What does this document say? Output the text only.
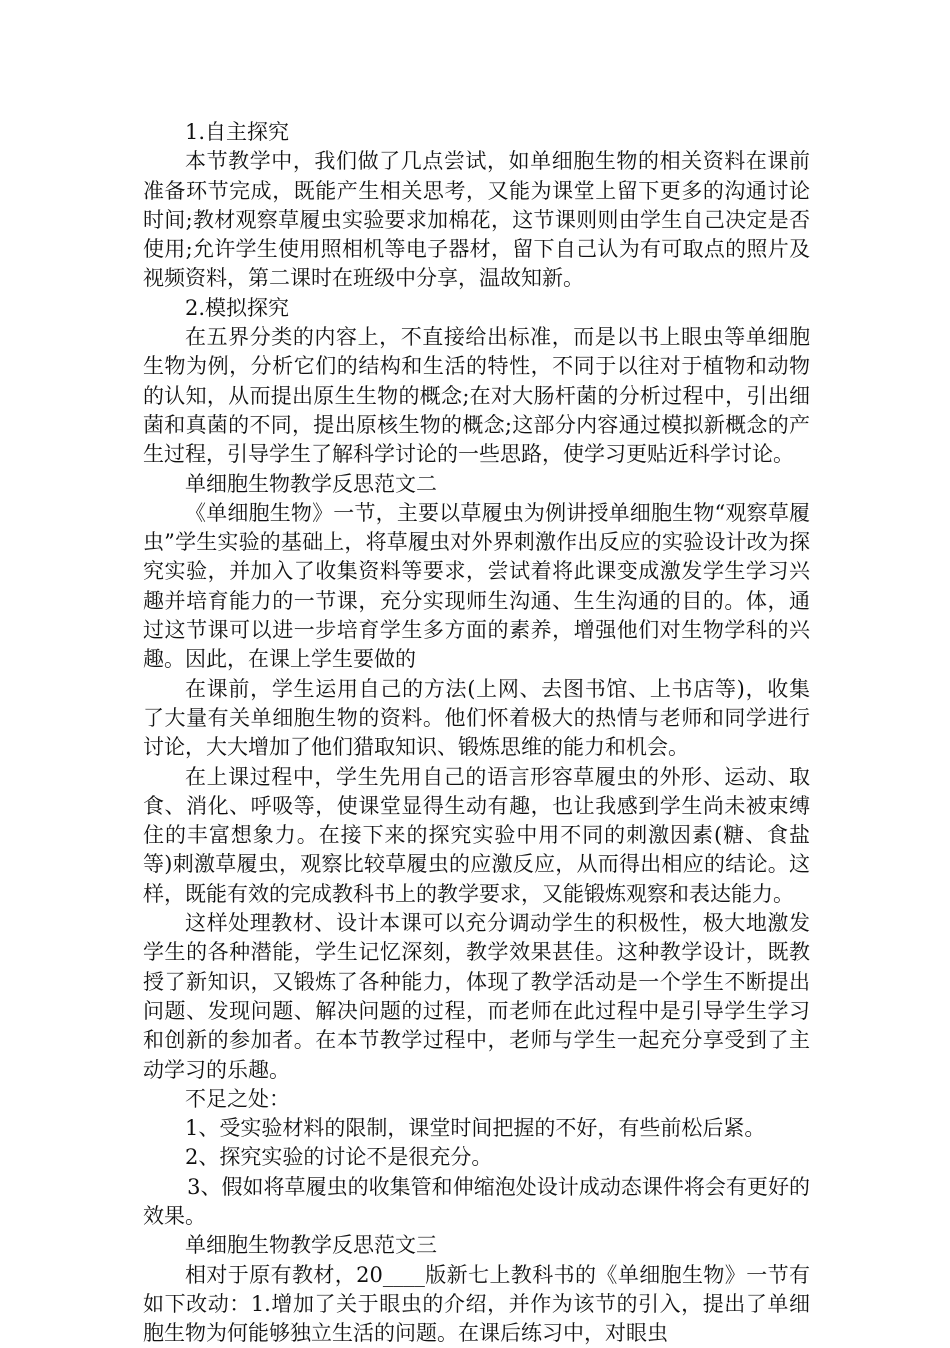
1.自主探究

本节教学中，我们做了几点尝试，如单细胞生物的相关资料在课前准备环节完成，既能产生相关思考，又能为课堂上留下更多的沟通讨论时间;教材观察草履虫实验要求加棉花，这节课则则由学生自己决定是否使用;允许学生使用照相机等电子器材，留下自己认为有可取点的照片及视频资料，第二课时在班级中分享，温故知新。

2.模拟探究

在五界分类的内容上，不直接给出标准，而是以书上眼虫等单细胞生物为例，分析它们的结构和生活的特性，不同于以往对于植物和动物的认知，从而提出原生生物的概念;在对大肠杆菌的分析过程中，引出细菌和真菌的不同，提出原核生物的概念;这部分内容通过模拟新概念的产生过程，引导学生了解科学讨论的一些思路，使学习更贴近科学讨论。

单细胞生物教学反思范文二

《单细胞生物》一节，主要以草履虫为例讲授单细胞生物“观察草履虫”学生实验的基础上，将草履虫对外界刺激作出反应的实验设计改为探究实验，并加入了收集资料等要求，尝试着将此课变成激发学生学习兴趣并培育能力的一节课，充分实现师生沟通、生生沟通的目的。体，通过这节课可以进一步培育学生多方面的素养，增强他们对生物学科的兴趣。因此，在课上学生要做的

在课前，学生运用自己的方法(上网、去图书馆、上书店等)，收集了大量有关单细胞生物的资料。他们怀着极大的热情与老师和同学进行讨论，大大增加了他们猎取知识、锻炼思维的能力和机会。

在上课过程中，学生先用自己的语言形容草履虫的外形、运动、取食、消化、呼吸等，使课堂显得生动有趣，也让我感到学生尚未被束缚住的丰富想象力。在接下来的探究实验中用不同的刺激因素(糖、食盐等)刺激草履虫，观察比较草履虫的应激反应，从而得出相应的结论。这样，既能有效的完成教科书上的教学要求，又能锻炼观察和表达能力。

这样处理教材、设计本课可以充分调动学生的积极性，极大地激发学生的各种潜能，学生记忆深刻，教学效果甚佳。这种教学设计，既教授了新知识，又锻炼了各种能力，体现了教学活动是一个学生不断提出问题、发现问题、解决问题的过程，而老师在此过程中是引导学生学习和创新的参加者。在本节教学过程中，老师与学生一起充分享受到了主动学习的乐趣。

不足之处：

1、受实验材料的限制，课堂时间把握的不好，有些前松后紧。

2、探究实验的讨论不是很充分。

3、假如将草履虫的收集管和伸缩泡处设计成动态课件将会有更好的效果。

单细胞生物教学反思范文三

相对于原有教材，20____版新七上教科书的《单细胞生物》一节有如下改动：1.增加了关于眼虫的介绍，并作为该节的引入，提出了单细胞生物为何能够独立生活的问题。在课后练习中，对眼虫
